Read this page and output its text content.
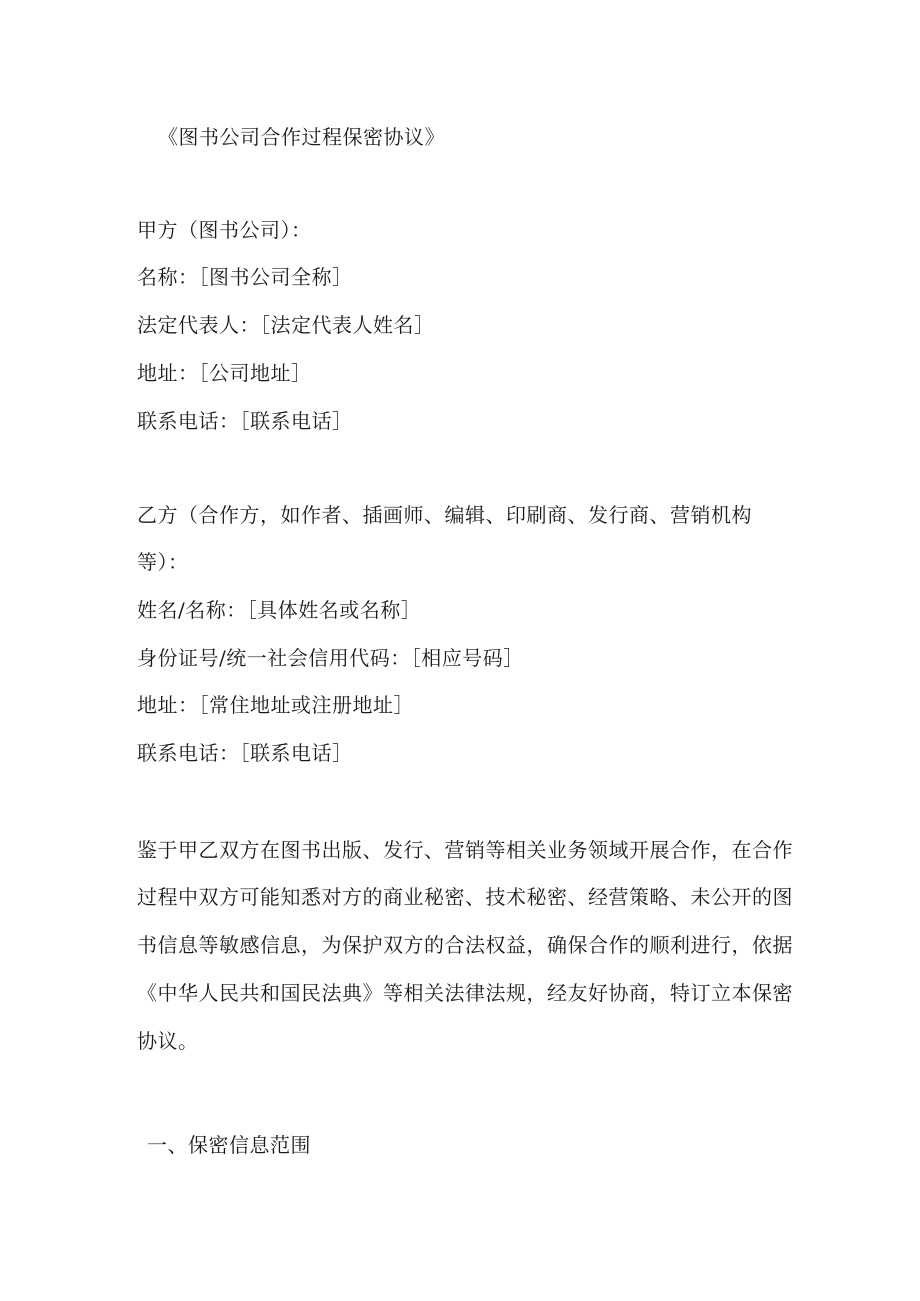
《图书公司合作过程保密协议》
甲方（图书公司）：
名称：［图书公司全称］
法定代表人：［法定代表人姓名］
地址：［公司地址］
联系电话：［联系电话］
乙方（合作方，如作者、插画师、编辑、印刷商、发行商、营销机构
等）：
姓名/名称：［具体姓名或名称］
身份证号/统一社会信用代码：［相应号码］
地址：［常住地址或注册地址］
联系电话：［联系电话］
鉴于甲乙双方在图书出版、发行、营销等相关业务领域开展合作，在合作
过程中双方可能知悉对方的商业秘密、技术秘密、经营策略、未公开的图
书信息等敏感信息，为保护双方的合法权益，确保合作的顺利进行，依据
《中华人民共和国民法典》等相关法律法规，经友好协商，特订立本保密
协议。
一、保密信息范围
